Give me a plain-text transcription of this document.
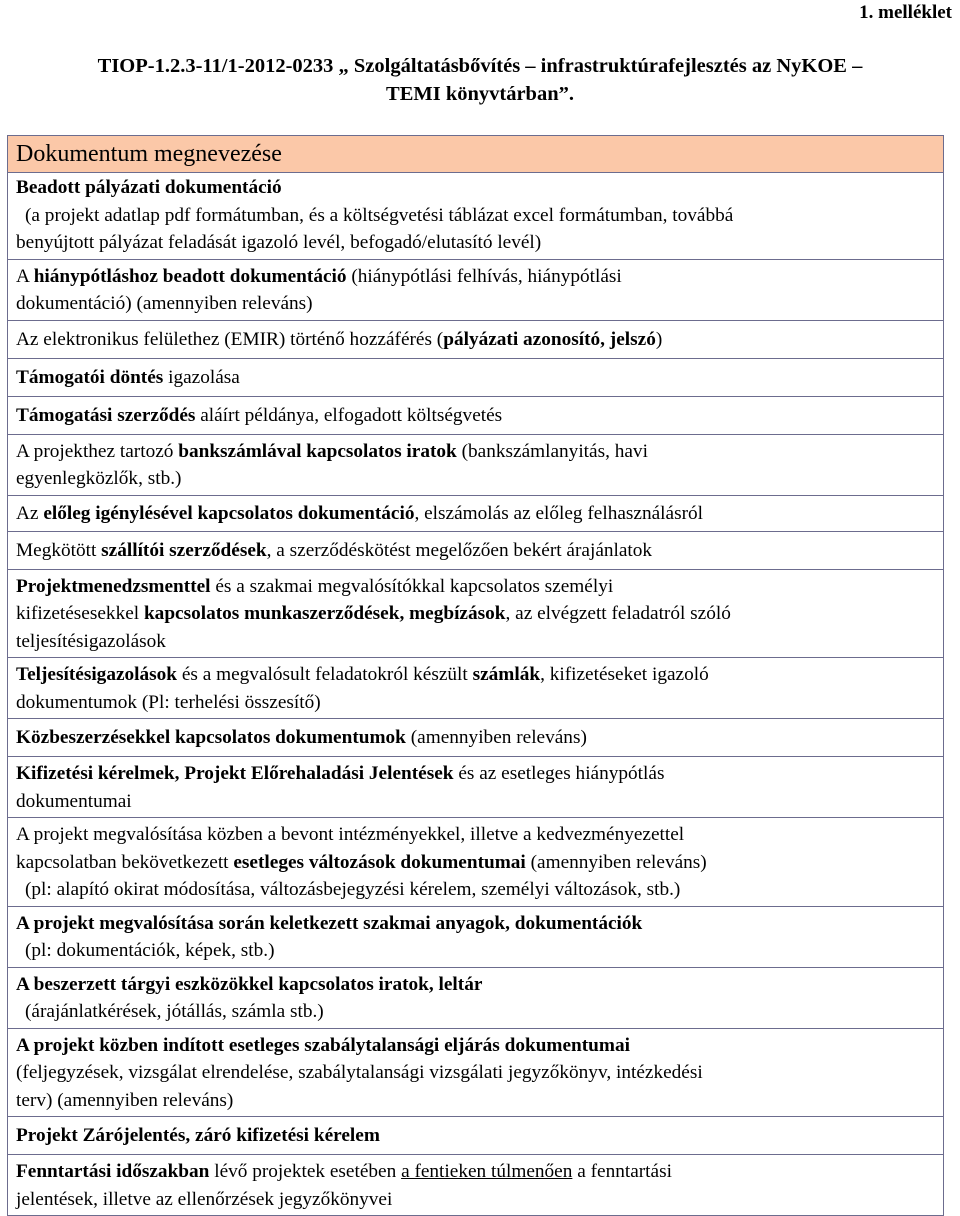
1. melléklet
TIOP-1.2.3-11/1-2012-0233 „ Szolgáltatásbővítés – infrastruktúrafejlesztés az NyKOE –
TEMI könyvtárban”.
Dokumentum megnevezése
Beadott pályázati dokumentáció
(a projekt adatlap pdf formátumban, és a költségvetési táblázat excel formátumban, továbbá
benyújtott pályázat feladását igazoló levél, befogadó/elutasító levél)
A hiánypótláshoz beadott dokumentáció (hiánypótlási felhívás, hiánypótlási
dokumentáció) (amennyiben releváns)
Az elektronikus felülethez (EMIR) történő hozzáférés (pályázati azonosító, jelszó)
Támogatói döntés igazolása
Támogatási szerződés aláírt példánya, elfogadott költségvetés
A projekthez tartozó bankszámlával kapcsolatos iratok (bankszámlanyitás, havi
egyenlegközlők, stb.)
Az előleg igénylésével kapcsolatos dokumentáció, elszámolás az előleg felhasználásról
Megkötött szállítói szerződések, a szerződéskötést megelőzően bekért árajánlatok
Projektmenedzsmenttel és a szakmai megvalósítókkal kapcsolatos személyi
kifizetésesekkel kapcsolatos munkaszerződések, megbízások, az elvégzett feladatról szóló
teljesítésigazolások
Teljesítésigazolások és a megvalósult feladatokról készült számlák, kifizetéseket igazoló
dokumentumok (Pl: terhelési összesítő)
Közbeszerzésekkel kapcsolatos dokumentumok (amennyiben releváns)
Kifizetési kérelmek, Projekt Előrehaladási Jelentések és az esetleges hiánypótlás
dokumentumai
A projekt megvalósítása közben a bevont intézményekkel, illetve a kedvezményezettel
kapcsolatban bekövetkezett esetleges változások dokumentumai (amennyiben releváns)
(pl: alapító okirat módosítása, változásbejegyzési kérelem, személyi változások, stb.)
A projekt megvalósítása során keletkezett szakmai anyagok, dokumentációk
(pl: dokumentációk, képek, stb.)
A beszerzett tárgyi eszközökkel kapcsolatos iratok, leltár
(árajánlatkérések, jótállás, számla stb.)
A projekt közben indított esetleges szabálytalansági eljárás dokumentumai
(feljegyzések, vizsgálat elrendelése, szabálytalansági vizsgálati jegyzőkönyv, intézkedési
terv) (amennyiben releváns)
Projekt Zárójelentés, záró kifizetési kérelem
Fenntartási időszakban lévő projektek esetében a fentieken túlmenően a fenntartási
jelentések, illetve az ellenőrzések jegyzőkönyvei
